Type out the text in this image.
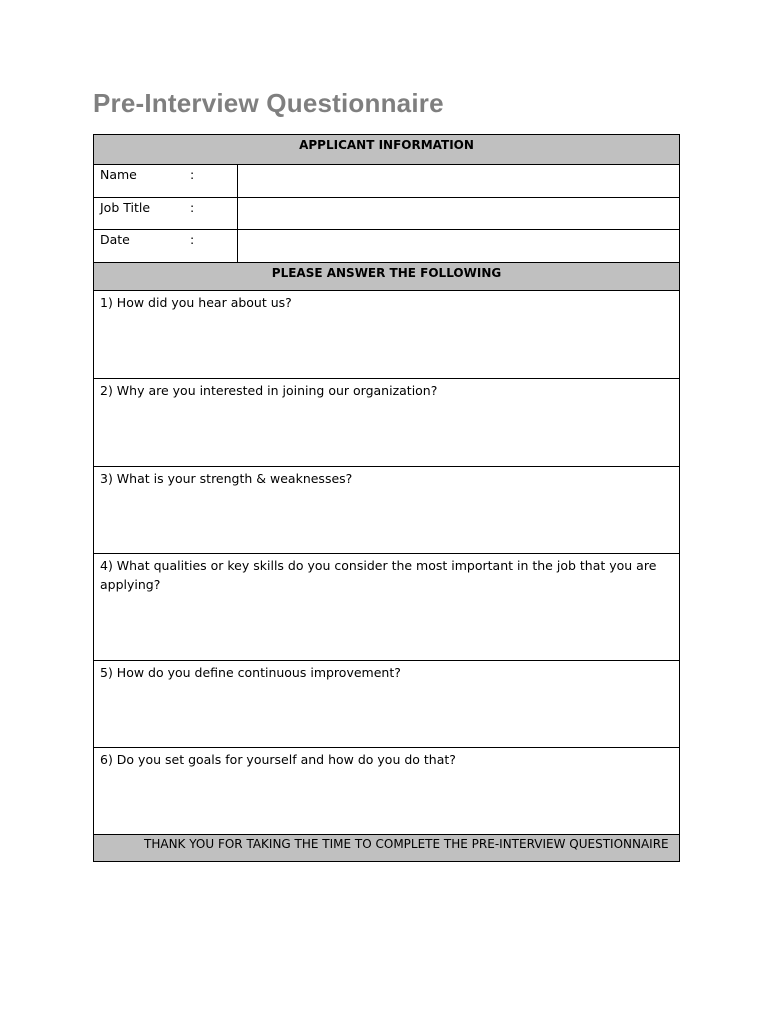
Pre-Interview Questionnaire
APPLICANT INFORMATION	
Name :	

Job Title :	

Date :	

PLEASE ANSWER THE FOLLOWING	
1) How did you hear about us?	
2) Why are you interested in joining our organization?	
3) What is your strength & weaknesses?	
4) What qualities or key skills do you consider the most important in the job that you are applying?	
5) How do you define continuous improvement?	
6) Do you set goals for yourself and how do you do that?	
THANK YOU FOR TAKING THE TIME TO COMPLETE THE PRE-INTERVIEW QUESTIONNAIRE	
